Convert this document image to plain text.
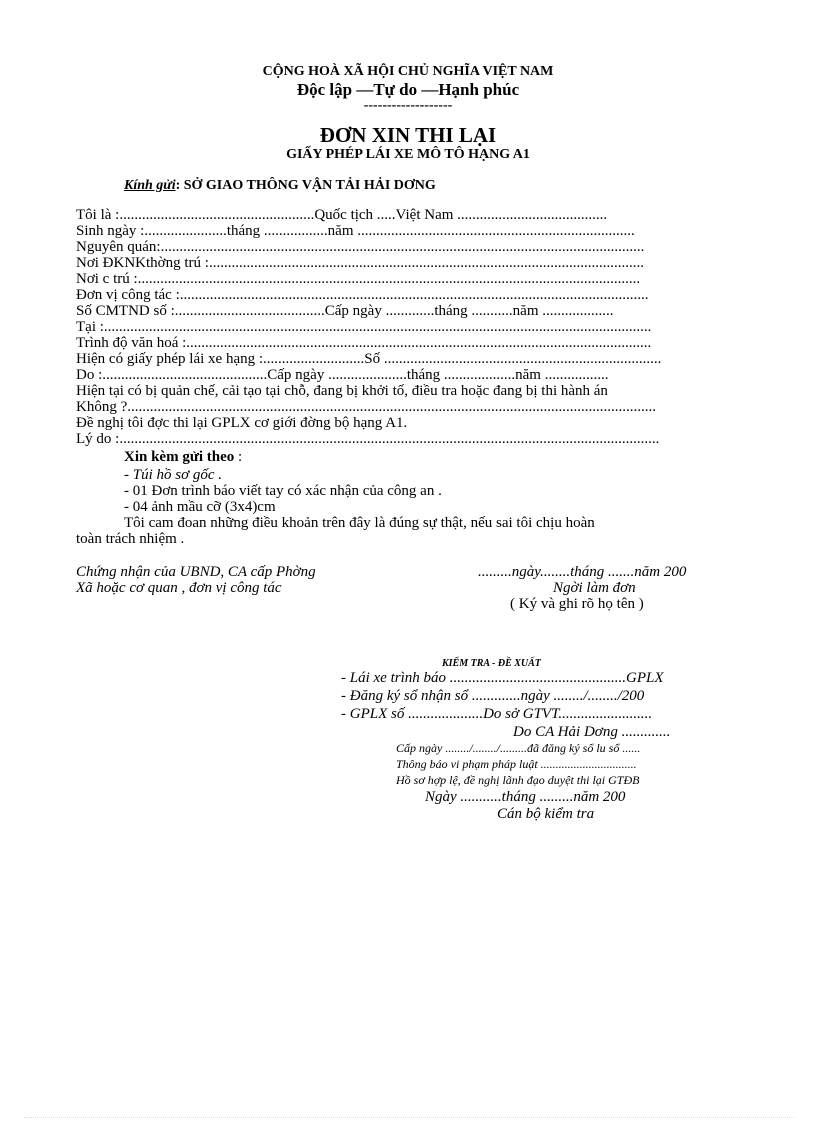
CỘNG HOÀ XÃ HỘI CHỦ NGHĨA VIỆT NAM
Độc lập —Tự do —Hạnh phúc
-------------------
ĐƠN XIN THI LẠI
GIẤY PHÉP LÁI XE MÔ TÔ HẠNG A1
Kính gửi: SỞ GIAO THÔNG VẬN TẢI HẢI DƠNG
Tôi là :....................................................Quốc tịch .....Việt Nam ........................................
Sinh ngày :......................tháng .................năm ..........................................................................
Nguyên quán:.................................................................................................................................
Nơi ĐKNKthờng trú :....................................................................................................................
Nơi c trú :......................................................................................................................................
Đơn vị công tác :.............................................................................................................................
Số CMTND số :........................................Cấp ngày .............tháng ...........năm ...................
Tại :..................................................................................................................................................
Trình độ văn hoá :............................................................................................................................
Hiện có giấy phép lái xe hạng :...........................Số ..........................................................................
Do :............................................Cấp ngày .....................tháng ...................năm .................
Hiện tại có bị quản chế, cải tạo tại chỗ, đang bị khởi tố, điều tra hoặc đang bị thi hành án
Không ?.............................................................................................................................................
Đề nghị tôi đợc thi lại GPLX cơ giới đờng bộ hạng A1.
Lý do :................................................................................................................................................
Xin kèm gửi theo :
- Túi hồ sơ gốc .
- 01 Đơn trình báo viết tay có xác nhận của công an .
- 04 ảnh mầu cỡ (3x4)cm
Tôi cam đoan những điều khoản trên đây là đúng sự thật, nếu sai tôi chịu hoàn
toàn trách nhiệm .
Chứng nhận của UBND, CA cấp Phờng
Xã hoặc cơ quan , đơn vị công tác
.........ngày........tháng .......năm 200
Ngời làm đơn
( Ký và ghi rõ họ tên )
KIỂM TRA - ĐỀ XUẤT
- Lái xe trình báo ...............................................GPLX
- Đăng ký sổ nhận sổ .............ngày ......../......../200
- GPLX số ....................Do sở GTVT.........................
Do CA Hải Dơng .............
Cấp ngày ......../......../.........đã đăng ký sổ lu sổ ......
Thông báo vi phạm pháp luật ................................
Hồ sơ hợp lệ, đề nghị lãnh đạo duyệt thi lại GTĐB
Ngày ...........tháng .........năm 200
Cán bộ kiểm tra
